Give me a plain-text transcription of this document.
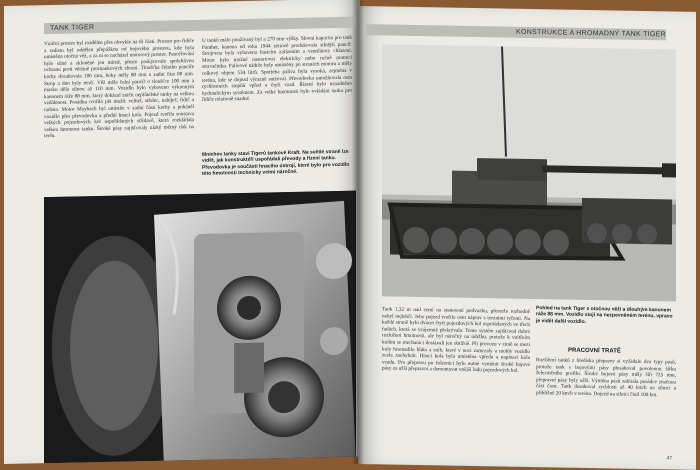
TANK TIGER
Vnitřní prostor byl rozdělen přes obvykle na tři části. Prostor pro řidiče a radistu byl oddělen přepážkou od bojového prostoru, kde byla umístěna otočná věž, a za ní se nacházel motorový prostor. Pancéřování bylo silné a skloněné jen mírně, přesto poskytovalo spolehlivou ochranu proti většině protitankových zbraní. Tloušťka čelního pancíře korby dosahovala 100 mm, boky měly 80 mm a zadní část 80 mm. Strop a dno byly tenčí. Věž měla čelní pancíř o tloušťce 100 mm a masku děla silnou až 110 mm. Vozidlo bylo vybaveno výkonným kanonem ráže 88 mm, který dokázal zničit nepřátelské tanky na velkou vzdálenost. Posádku tvořilo pět mužů: velitel, střelec, nabíječ, řidič a radista. Motor Maybach byl umístěn v zadní části korby a poháněl vozidlo přes převodovku a přední hnací kola. Pojezd tvořila soustava velkých pojezdových kol uspořádaných střídavě, která rozkládala velkou hmotnost tanku. Široké pásy zajišťovaly nízký měrný tlak na terén.
U tanků málo používaný byl a 270 mm výšky. Slovní kapacita pro tank Panther, kanona od roku 1944 sériově produkovala silnější pancíř. Strojovna byla vybavena hasicím zařízením a ventilátory chlazení. Motor bylo možné nastartovat elektricky nebo ručně pomocí setrvačníku. Palivové nádrže byly umístěny po stranách motoru a měly celkový objem 534 litrů. Spotřeba paliva byla vysoká, zejména v terénu, kde se dojezd výrazně snižoval. Převodovka umožňovala osm rychlostních stupňů vpřed a čtyři vzad. Řízení bylo usnadněno hydraulickým systémem. Za velké hmotnosti bylo ovládání tanku pro řidiče relativně snadné.
Mnichov tanky staví Tigerů tankové Kraft. Na světlé straně lze vidět, jak konstruktéři uspořádali převody a řízení tanku. Převodovka je součástí hnacího ústrojí, které bylo pro vozidlo této hmotnosti technicky velmi náročné.
KONSTRUKCE A HROMADNÝ TANK TIGER
Pohled na tank Tiger s otočnou věží a dlouhým kanonem ráže 88 mm. Vozidlo stojí na nezpevněném terénu, vpravo je vidět další vozidlo.
Tank 1,32 m nad zemí na stanovení podvozku, přestože rozhodně nebyl nejlehčí. Jeho pojezd tvořilo osm náprav s torzními tyčemi. Na každé straně bylo dvacet čtyři pojezdových kol uspořádaných ve třech řadách, která se vzájemně překrývala. Tento systém zajišťoval dobré rozložení hmotnosti, ale byl náročný na údržbu, protože k vnitřním kolům se mechanici dostávali jen obtížně. Při provozu v zimě se mezi koly hromadilo bláto a sníh, které v noci zamrzaly a mohly vozidlo zcela znehybnit. Hnací kola byla umístěna vpředu a napínací kola vzadu. Pro přepravu po železnici bylo nutné vyměnit široké bojové pásy za užší přepravní a demontovat vnější řadu pojezdových kol.
PRACOVNÍ TRATĚ
Rozšíření tanků z hlediska přepravy si vyžádalo dva typy pásů, protože tank s bojovými pásy přesahoval povolenou šířku železničního profilu. Široké bojové pásy měly šíři 725 mm, přepravní pásy byly užší. Výměna pásů zabírala posádce značnou část času. Tank dosahoval rychlosti až 40 km/h na silnici a přibližně 20 km/h v terénu. Dojezd na silnici činil 100 km.
47
